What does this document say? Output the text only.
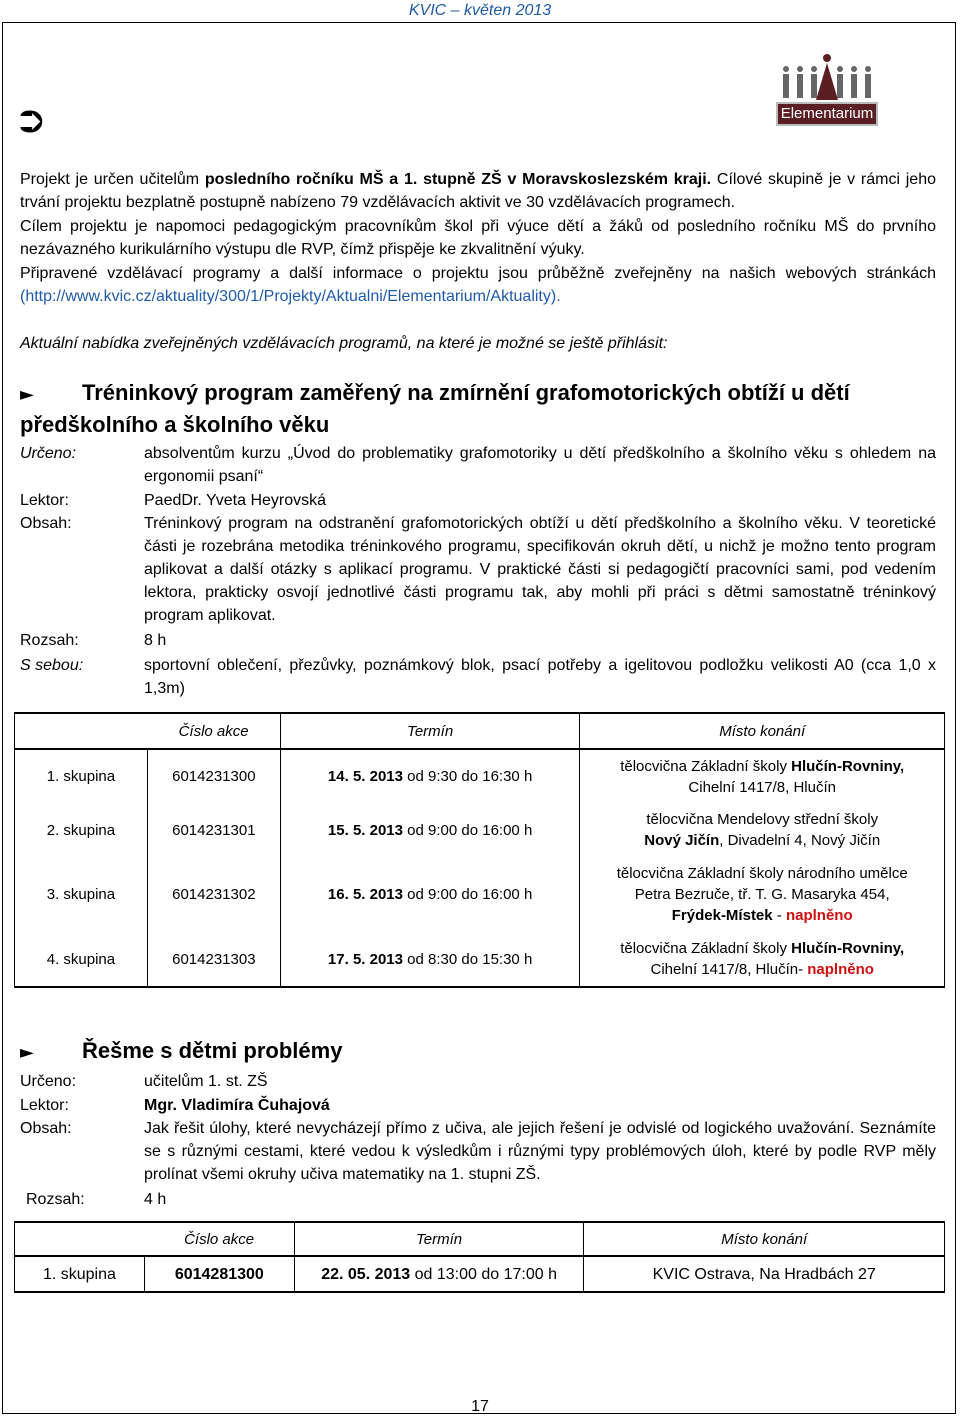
KVIC – květen 2013
⮊	Elementarium
Projekt je určen učitelům posledního ročníku MŠ a 1. stupně ZŠ v Moravskoslezském kraji. Cílové skupině je v rámci jeho trvání projektu bezplatně postupně nabízeno 79 vzdělávacích aktivit ve 30 vzdělávacích programech.
Cílem projektu je napomoci pedagogickým pracovníkům škol při výuce dětí a žáků od posledního ročníku MŠ do prvního nezávazného kurikulárního výstupu dle RVP, čímž přispěje ke zkvalitnění výuky.
Připravené vzdělávací programy a další informace o projektu jsou průběžně zveřejněny na našich webových stránkách (http://www.kvic.cz/aktuality/300/1/Projekty/Aktualni/Elementarium/Aktuality).
Aktuální nabídka zveřejněných vzdělávacích programů, na které je možné se ještě přihlásit:
► Tréninkový program zaměřený na zmírnění grafomotorických obtíží u dětí
předškolního a školního věku
Určeno:	absolventům kurzu „Úvod do problematiky grafomotoriky u dětí předškolního a školního věku s ohledem na ergonomii psaní“
Lektor:	PaedDr. Yveta Heyrovská
Obsah:	Tréninkový program na odstranění grafomotorických obtíží u dětí předškolního a školního věku. V teoretické části je rozebrána metodika tréninkového programu, specifikován okruh dětí, u nichž je možno tento program aplikovat a další otázky s aplikací programu. V praktické části si pedagogičtí pracovníci sami, pod vedením lektora, prakticky osvojí jednotlivé části programu tak, aby mohli při práci s dětmi samostatně tréninkový program aplikovat.
Rozsah:	8 h
S sebou:	sportovní oblečení, přezůvky, poznámkový blok, psací potřeby a igelitovou podložku velikosti A0 (cca 1,0 x 1,3m)
	Číslo akce	Termín	Místo konání
1. skupina	6014231300	14. 5. 2013 od 9:30 do 16:30 h	tělocvična Základní školy Hlučín-Rovniny,
Cihelní 1417/8, Hlučín
2. skupina	6014231301	15. 5. 2013 od 9:00 do 16:00 h	tělocvična Mendelovy střední školy
Nový Jičín, Divadelní 4, Nový Jičín
3. skupina	6014231302	16. 5. 2013 od 9:00 do 16:00 h	tělocvična Základní školy národního umělce
Petra Bezruče, tř. T. G. Masaryka 454,
Frýdek-Místek - naplněno
4. skupina	6014231303	17. 5. 2013 od 8:30 do 15:30 h	tělocvična Základní školy Hlučín-Rovniny,
Cihelní 1417/8, Hlučín- naplněno
► Řešme s dětmi problémy
Určeno:	učitelům 1. st. ZŠ
Lektor:	Mgr. Vladimíra Čuhajová
Obsah:	Jak řešit úlohy, které nevycházejí přímo z učiva, ale jejich řešení je odvislé od logického uvažování. Seznámíte se s různými cestami, které vedou k výsledkům i různými typy problémových úloh, které by podle RVP měly prolínat všemi okruhy učiva matematiky na 1. stupni ZŠ.
Rozsah:	4 h
	Číslo akce	Termín	Místo konání
1. skupina	6014281300	22. 05. 2013 od 13:00 do 17:00 h	KVIC Ostrava, Na Hradbách 27
17
